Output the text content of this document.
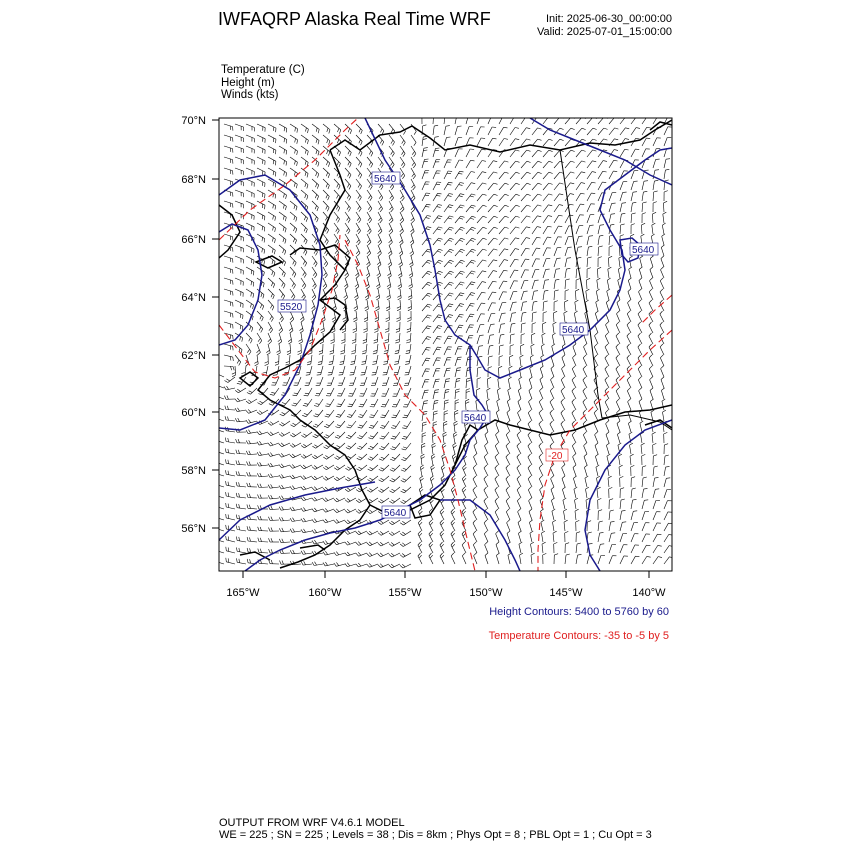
IWFAQRP Alaska Real Time WRF	Init: 2025-06-30_00:00:00
Valid: 2025-07-01_15:00:00
Temperature (C)
Height (m)
Winds (kts)
70°N
68°N
66°N
64°N
62°N
60°N
58°N
56°N
165°W	160°W	155°W	150°W	145°W	140°W
5640
5640
5520
5640
5640
5640
-20
Height Contours: 5400 to 5760 by 60
Temperature Contours: -35 to -5 by 5
OUTPUT FROM WRF V4.6.1 MODEL
WE = 225 ; SN = 225 ; Levels = 38 ; Dis = 8km ; Phys Opt = 8 ; PBL Opt = 1 ; Cu Opt = 3
